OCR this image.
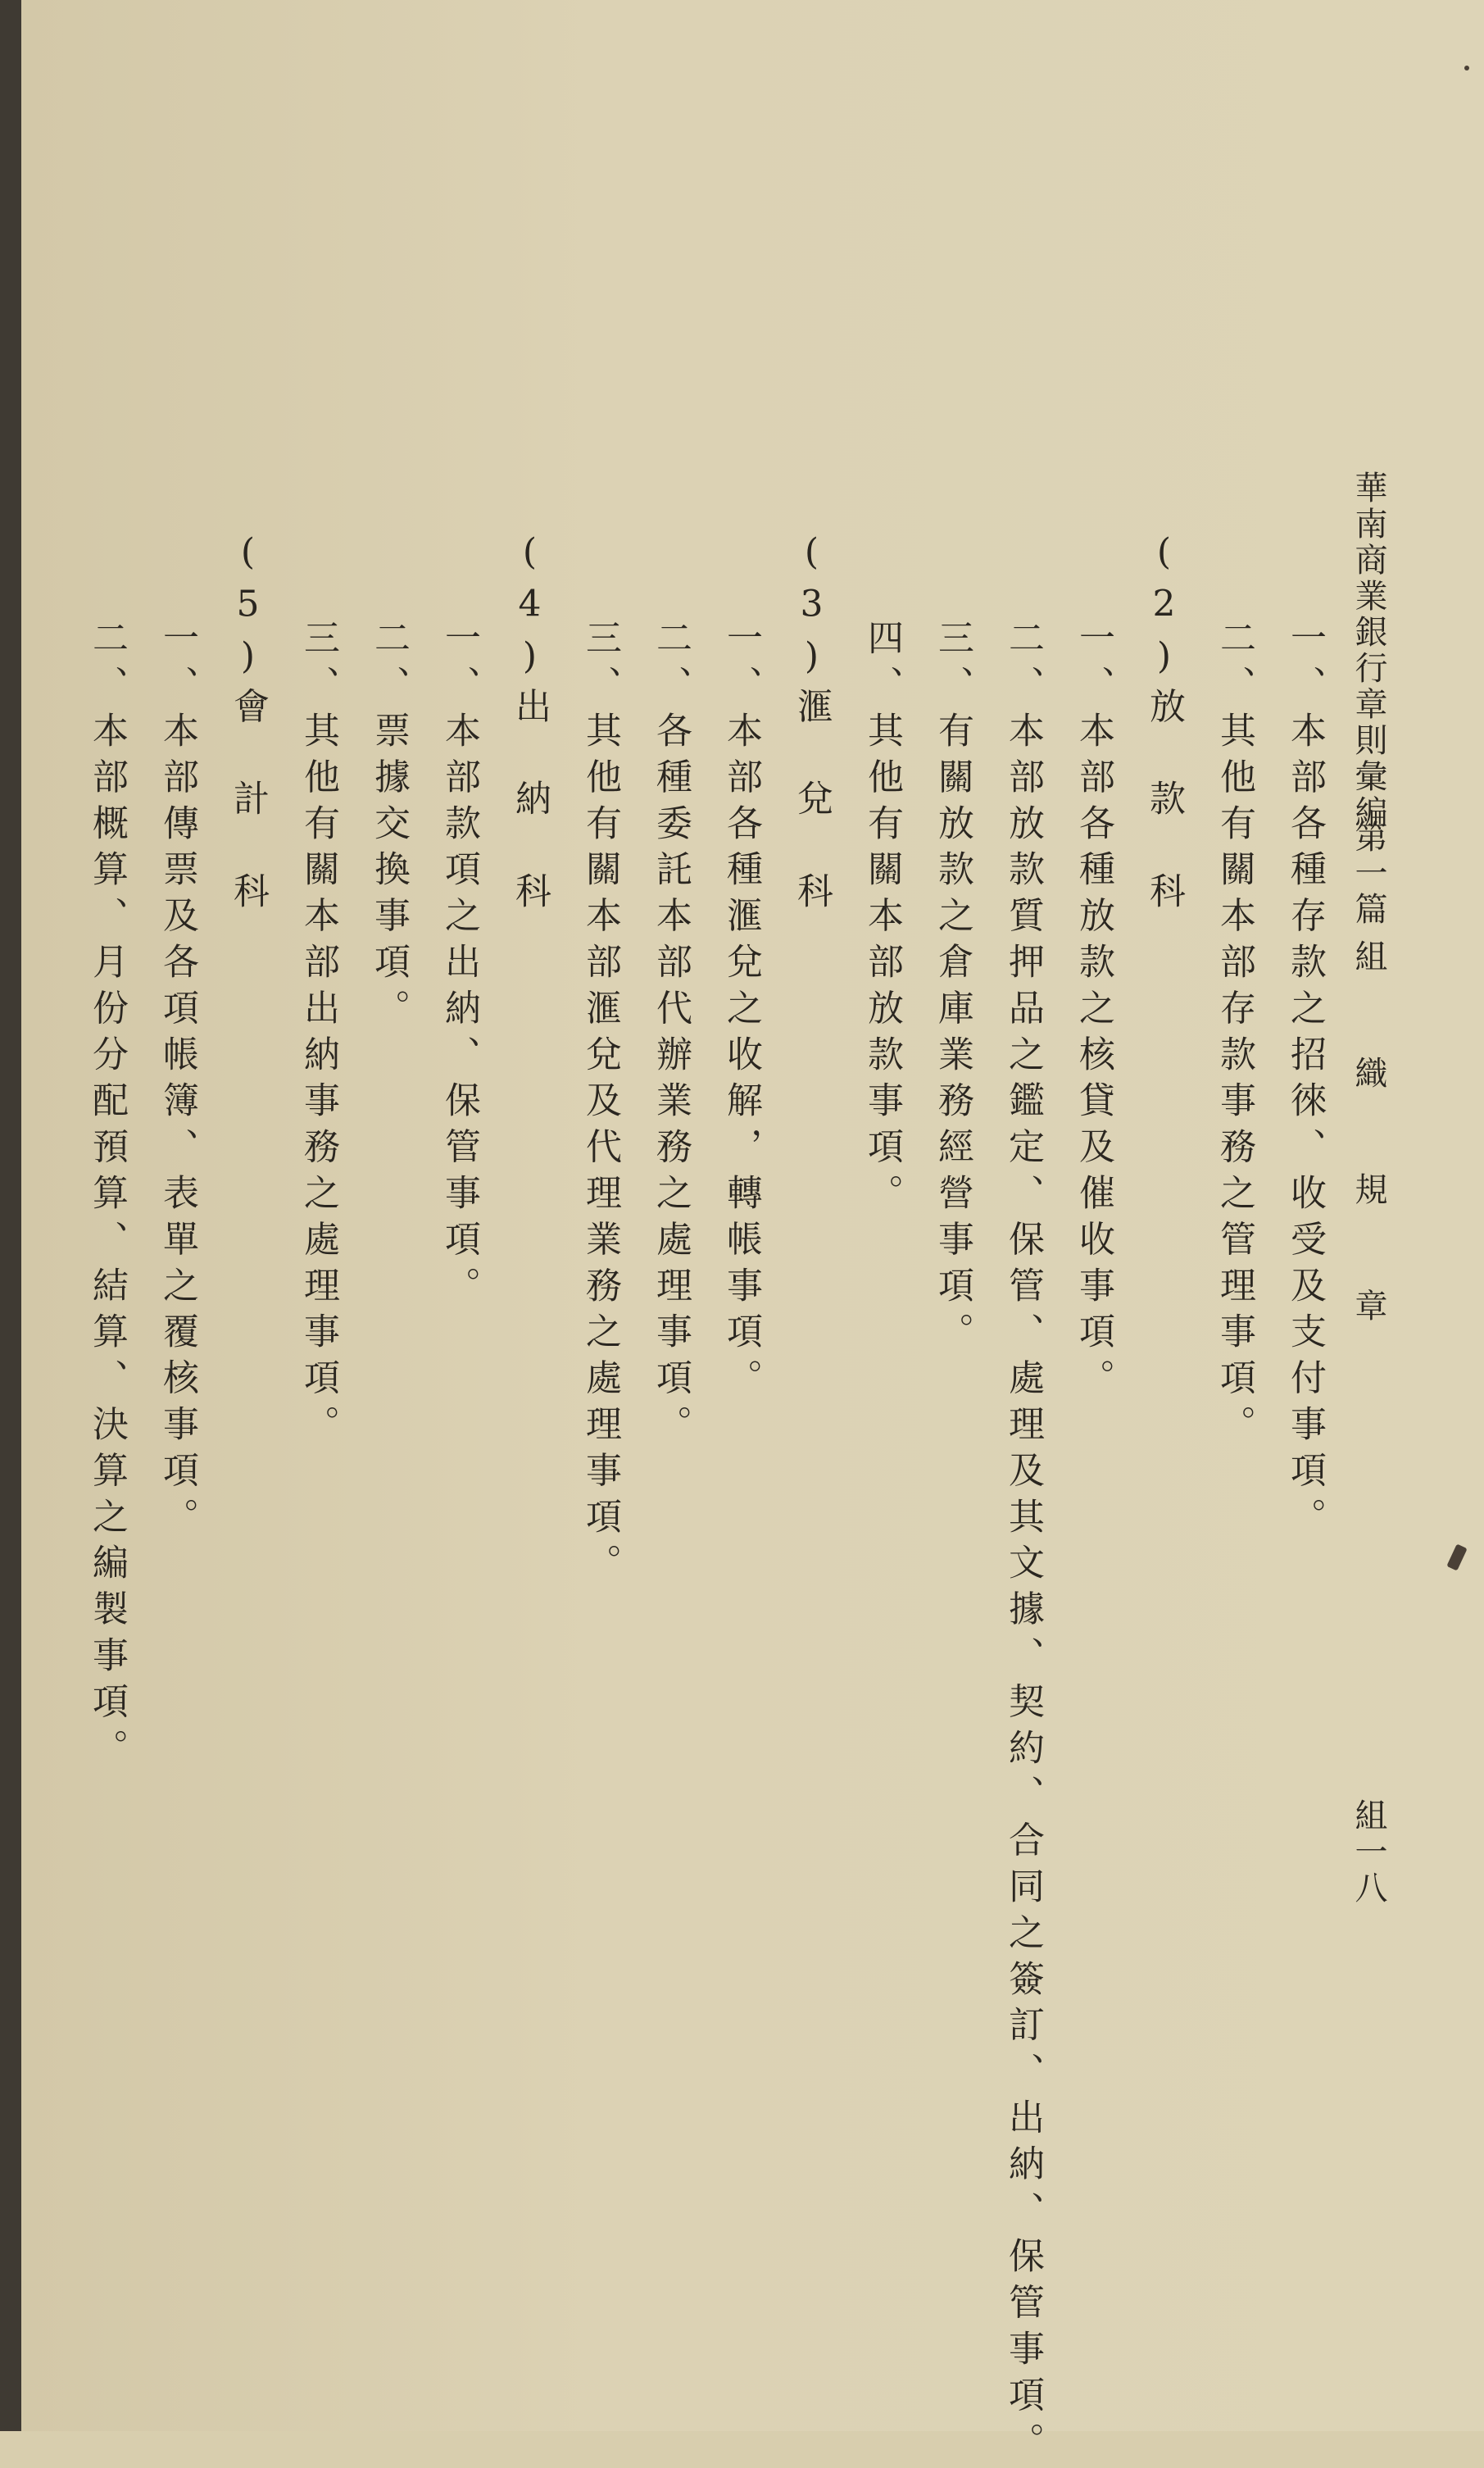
華南商業銀行章則彙編
第一篇
組 織 規 章
組一八
一、本部各種存款之招徠、收受及支付事項。
二、其他有關本部存款事務之管理事項。
(2)放　款　科
一、本部各種放款之核貸及催收事項。
二、本部放款質押品之鑑定、保管、處理及其文據、契約、合同之簽訂、出納、保管事項。
三、有關放款之倉庫業務經營事項。
四、其他有關本部放款事項。
(3)滙　兌　科
一、本部各種滙兌之收解，轉帳事項。
二、各種委託本部代辦業務之處理事項。
三、其他有關本部滙兌及代理業務之處理事項。
(4)出　納　科
一、本部款項之出納、保管事項。
二、票據交換事項。
三、其他有關本部出納事務之處理事項。
(5)會　計　科
一、本部傳票及各項帳簿、表單之覆核事項。
二、本部概算、月份分配預算、結算、決算之編製事項。
